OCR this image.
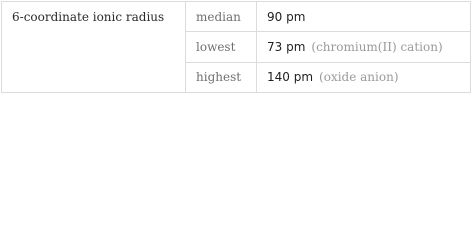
6-coordinate ionic radius	median	90 pm
	lowest	73 pm (chromium(II) cation)
	highest	140 pm (oxide anion)
